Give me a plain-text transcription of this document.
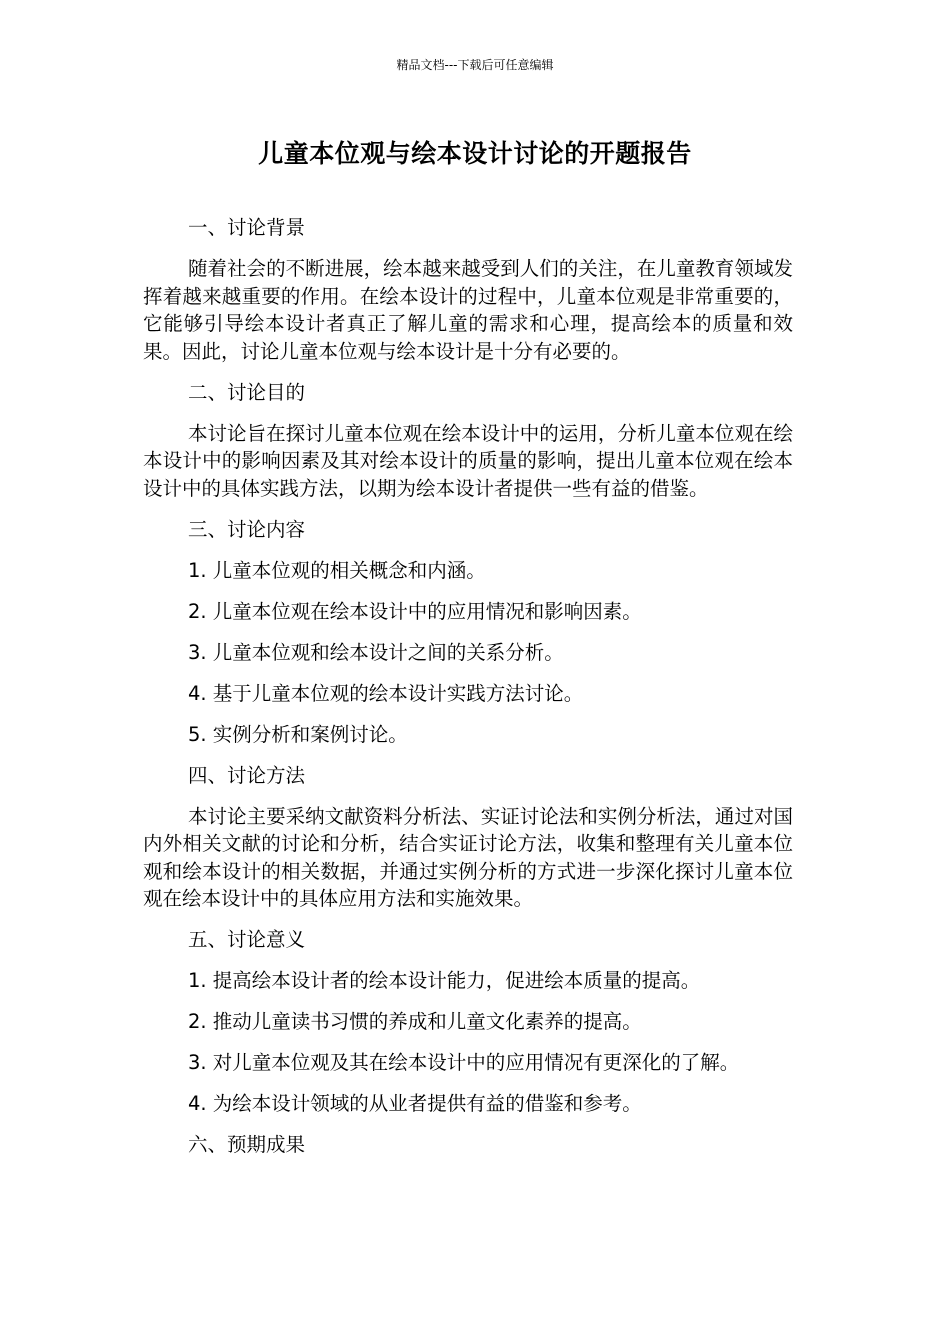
精品文档---下载后可任意编辑
儿童本位观与绘本设计讨论的开题报告
一、讨论背景
随着社会的不断进展，绘本越来越受到人们的关注，在儿童教育领域发挥着越来越重要的作用。在绘本设计的过程中，儿童本位观是非常重要的，它能够引导绘本设计者真正了解儿童的需求和心理，提高绘本的质量和效果。因此，讨论儿童本位观与绘本设计是十分有必要的。
二、讨论目的
本讨论旨在探讨儿童本位观在绘本设计中的运用，分析儿童本位观在绘本设计中的影响因素及其对绘本设计的质量的影响，提出儿童本位观在绘本设计中的具体实践方法，以期为绘本设计者提供一些有益的借鉴。
三、讨论内容
1. 儿童本位观的相关概念和内涵。
2. 儿童本位观在绘本设计中的应用情况和影响因素。
3. 儿童本位观和绘本设计之间的关系分析。
4. 基于儿童本位观的绘本设计实践方法讨论。
5. 实例分析和案例讨论。
四、讨论方法
本讨论主要采纳文献资料分析法、实证讨论法和实例分析法，通过对国内外相关文献的讨论和分析，结合实证讨论方法，收集和整理有关儿童本位观和绘本设计的相关数据，并通过实例分析的方式进一步深化探讨儿童本位观在绘本设计中的具体应用方法和实施效果。
五、讨论意义
1. 提高绘本设计者的绘本设计能力，促进绘本质量的提高。
2. 推动儿童读书习惯的养成和儿童文化素养的提高。
3. 对儿童本位观及其在绘本设计中的应用情况有更深化的了解。
4. 为绘本设计领域的从业者提供有益的借鉴和参考。
六、预期成果
